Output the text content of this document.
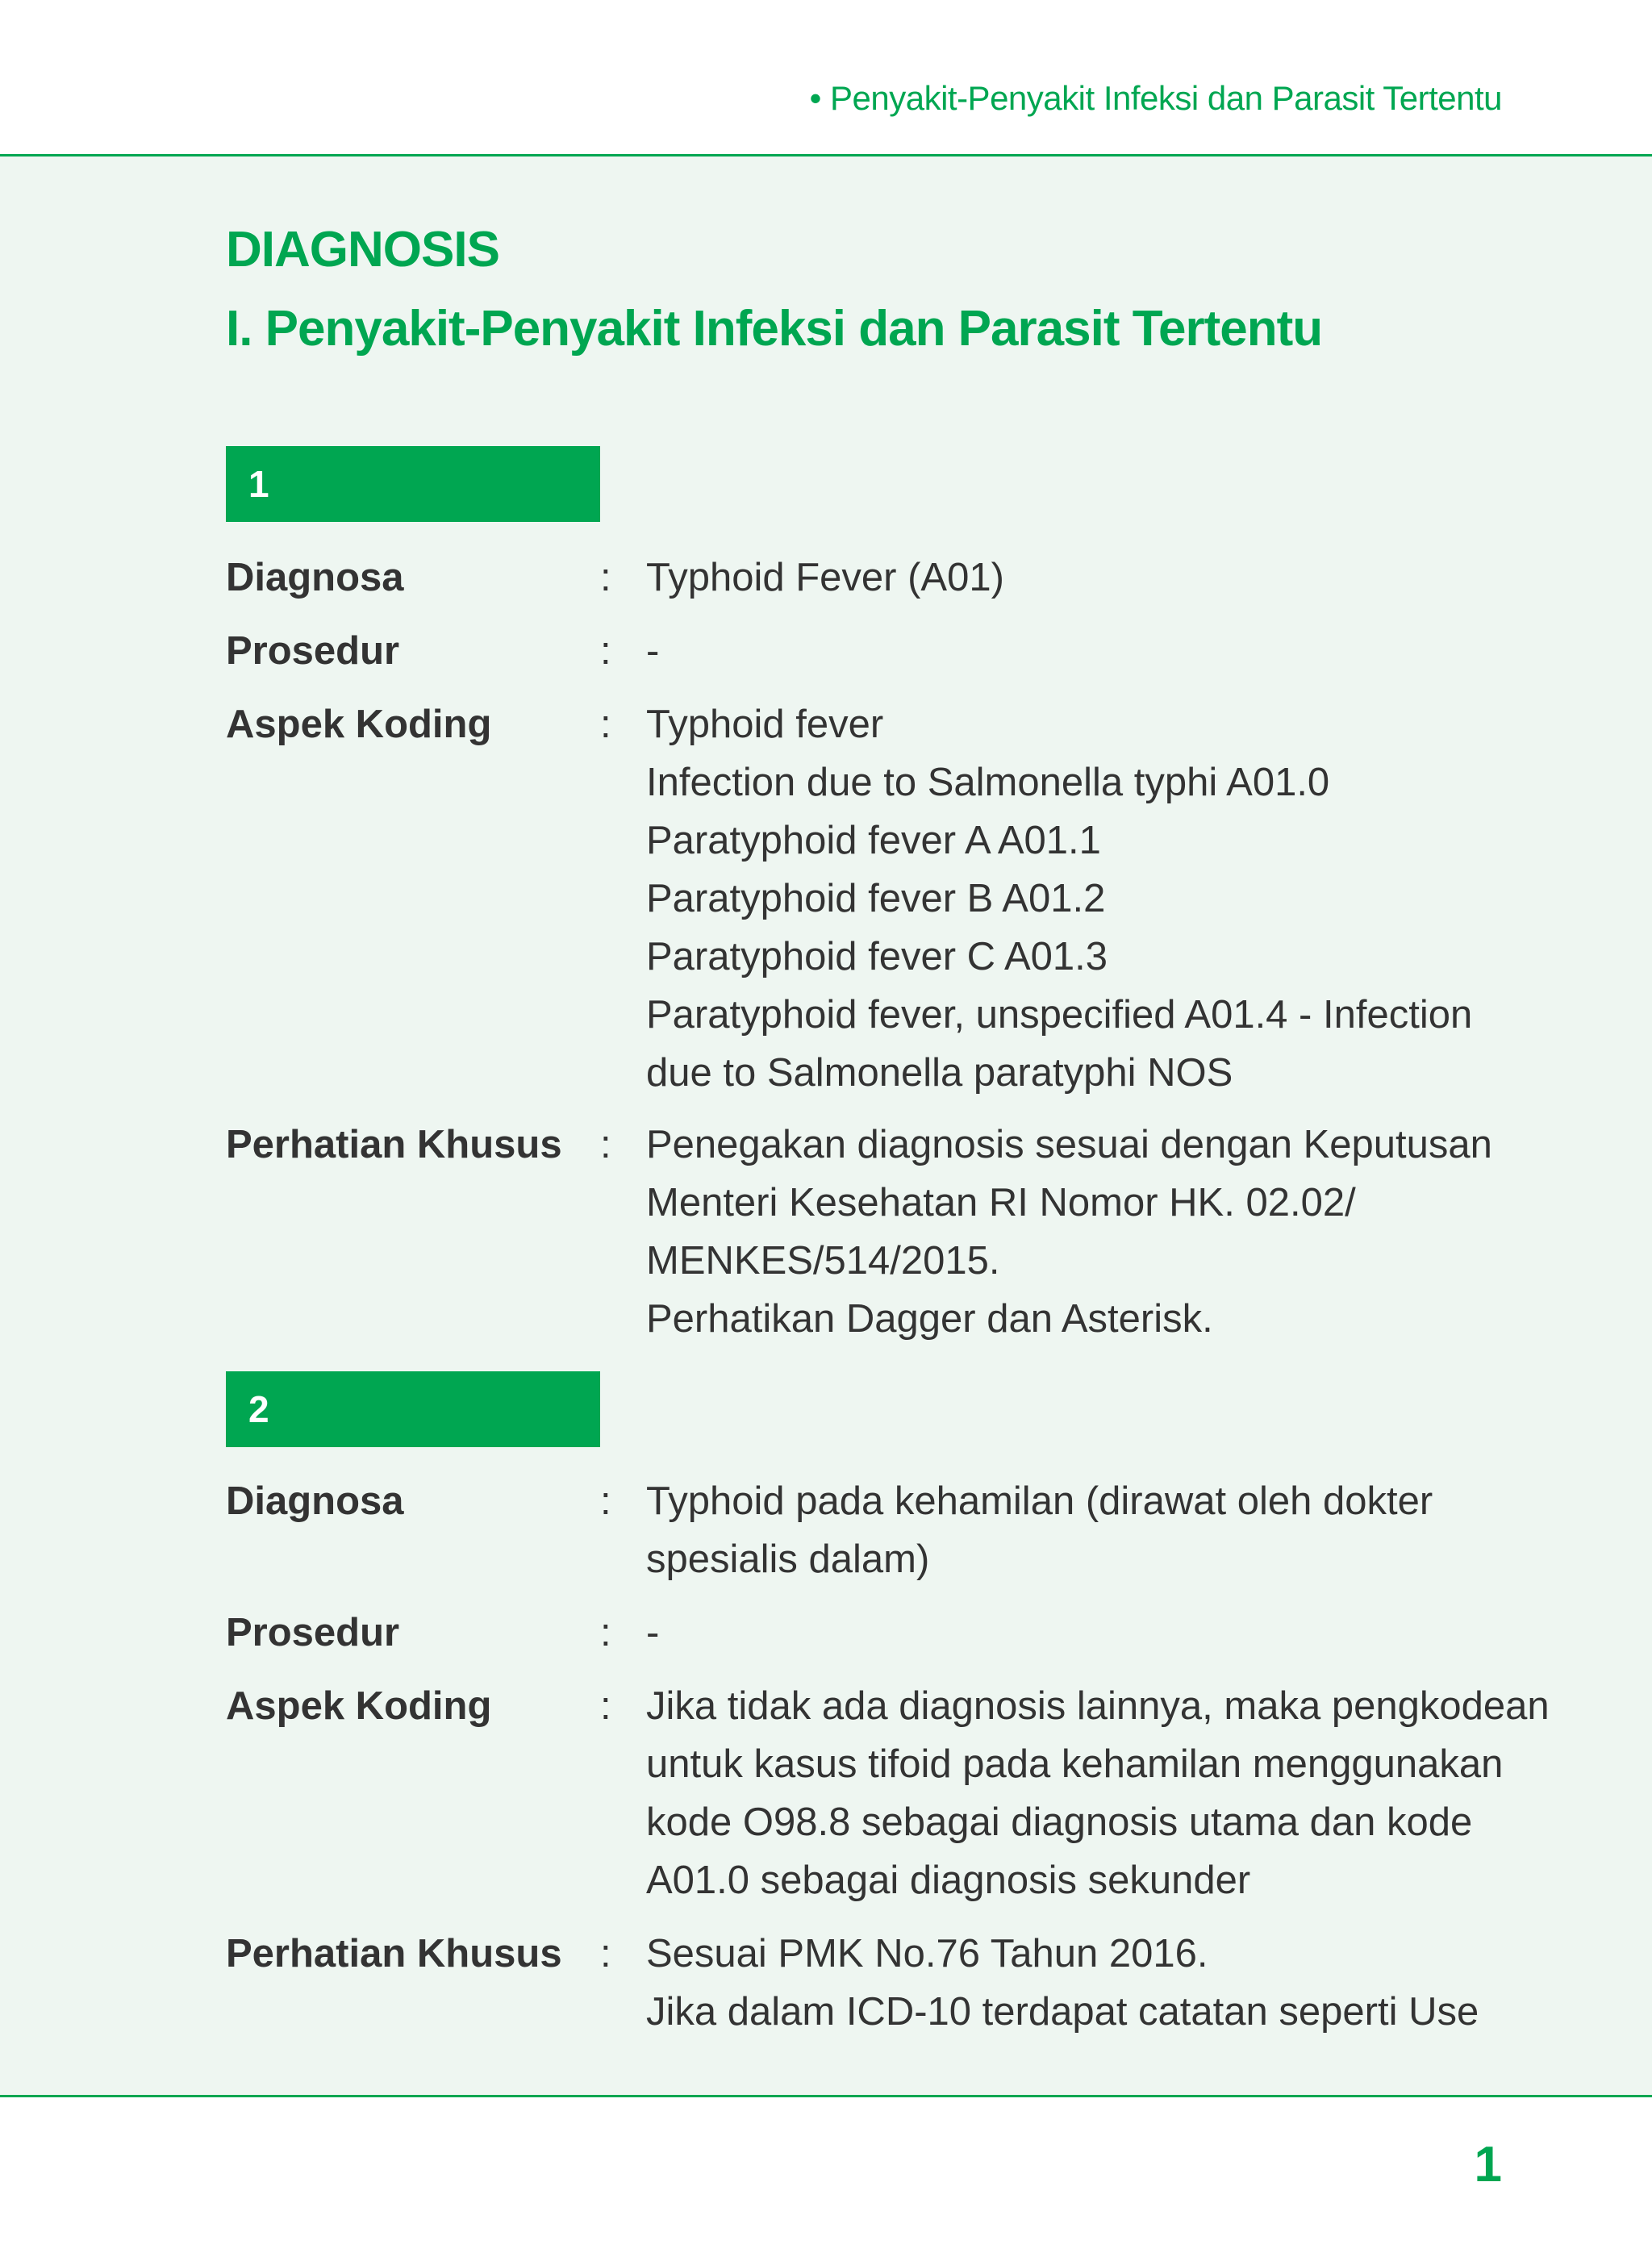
• Penyakit-Penyakit Infeksi dan Parasit Tertentu
DIAGNOSIS
I. Penyakit-Penyakit Infeksi dan Parasit Tertentu
1
Diagnosa	: Typhoid Fever (A01)
Prosedur	: -
Aspek Koding	: Typhoid fever
Infection due to Salmonella typhi A01.0
Paratyphoid fever A A01.1
Paratyphoid fever B A01.2
Paratyphoid fever C A01.3
Paratyphoid fever, unspecified A01.4 - Infection
due to Salmonella paratyphi NOS
Perhatian Khusus : Penegakan diagnosis sesuai dengan Keputusan
Menteri Kesehatan RI Nomor HK. 02.02/
MENKES/514/2015.
Perhatikan Dagger dan Asterisk.
2
Diagnosa	: Typhoid pada kehamilan (dirawat oleh dokter
spesialis dalam)
Prosedur	: -
Aspek Koding	: Jika tidak ada diagnosis lainnya, maka pengkodean
untuk kasus tifoid pada kehamilan menggunakan
kode O98.8 sebagai diagnosis utama dan kode
A01.0 sebagai diagnosis sekunder
Perhatian Khusus : Sesuai PMK No.76 Tahun 2016.
Jika dalam ICD-10 terdapat catatan seperti Use
1
